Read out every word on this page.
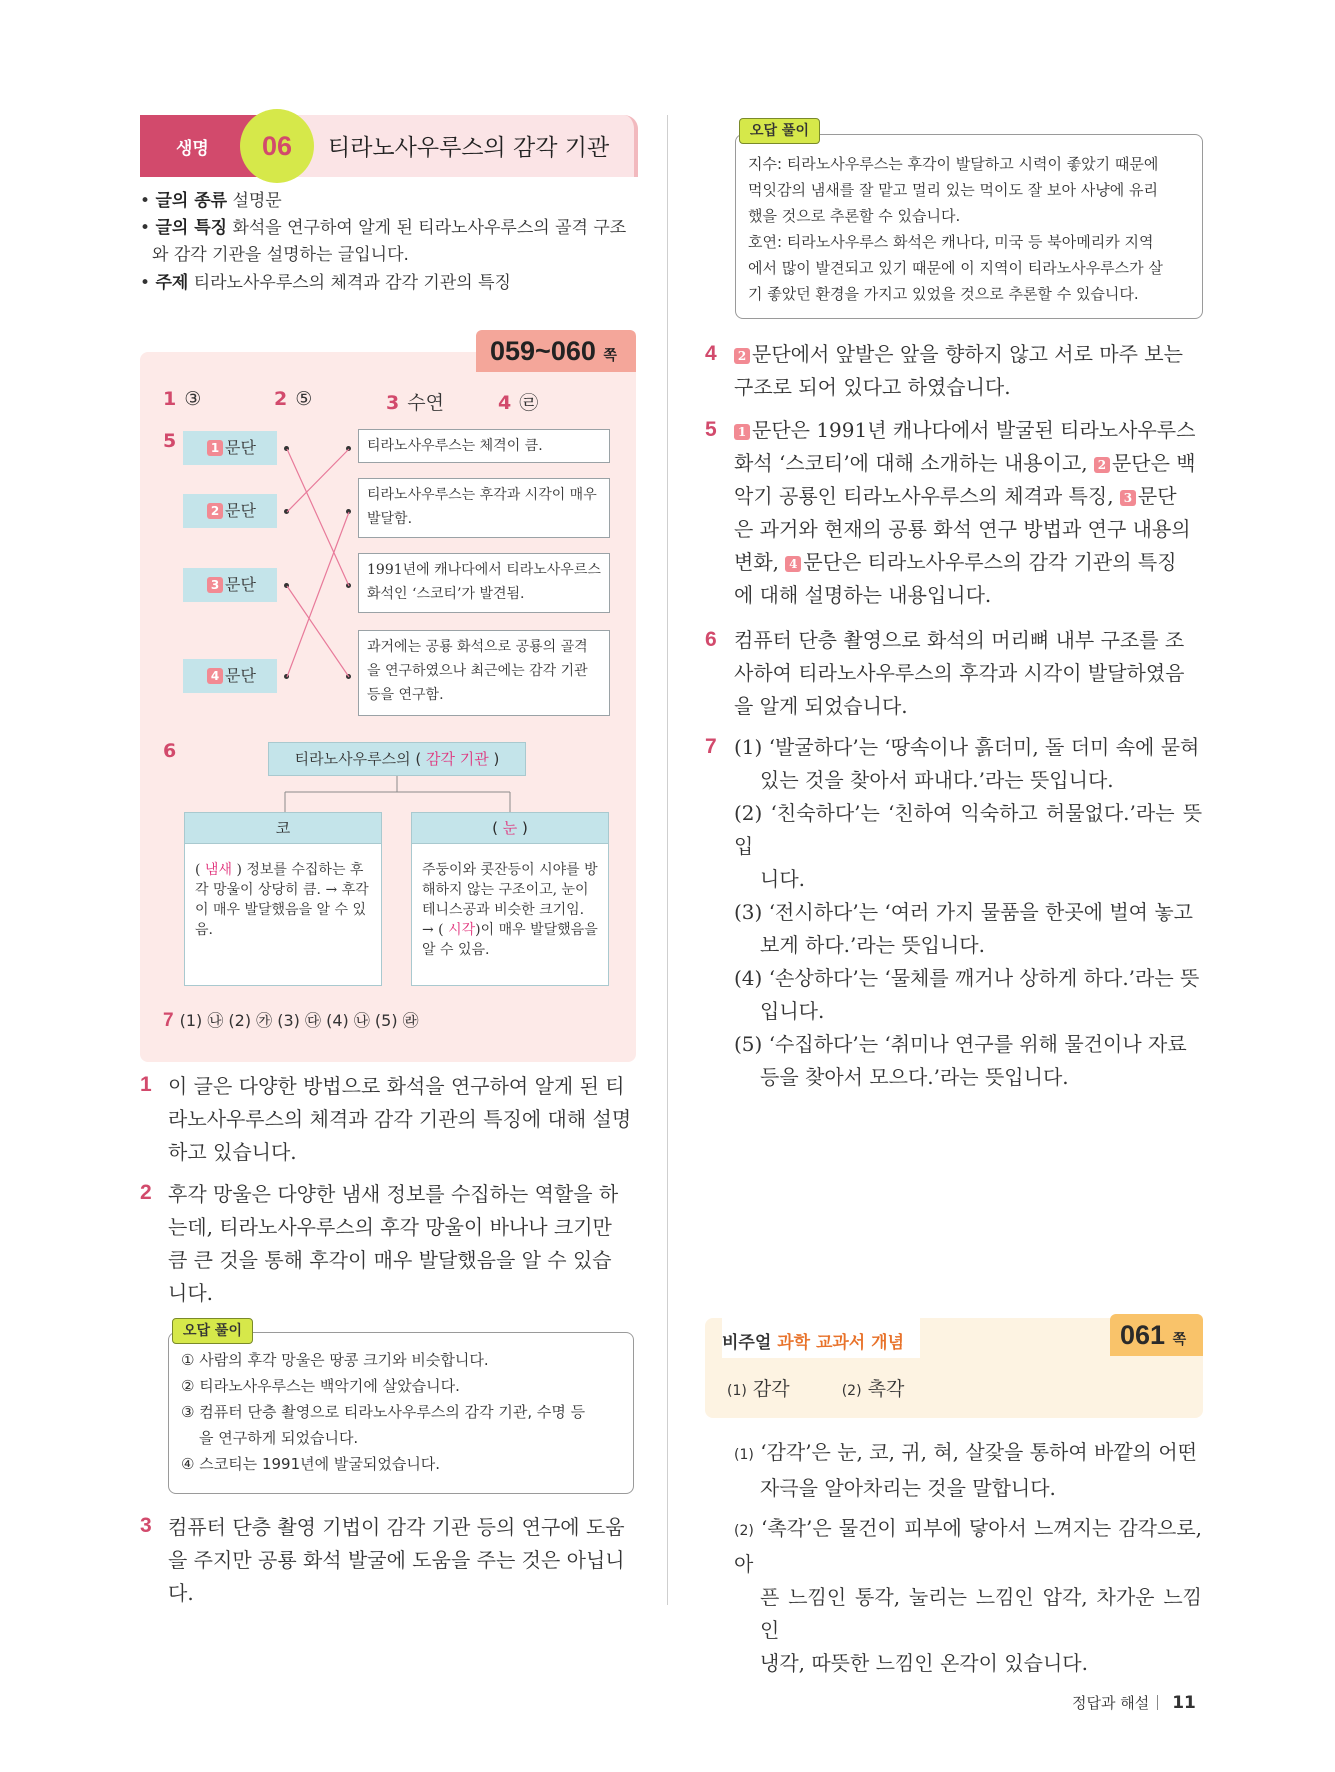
생명	06	티라노사우루스의 감각 기관
• 글의 종류 설명문
• 글의 특징 화석을 연구하여 알게 된 티라노사우루스의 골격 구조
와 감각 기관을 설명하는 글입니다.
• 주제 티라노사우루스의 체격과 감각 기관의 특징
059~060 쪽
1 ③	2 ⑤	3 수연	4 ㉣
5	1 문단
2 문단
3 문단
4 문단
티라노사우루스는 체격이 큼.
티라노사우루스는 후각과 시각이 매우 발달함.
1991년에 캐나다에서 티라노사우르스 화석인 ‘스코티’가 발견됨.
과거에는 공룡 화석으로 공룡의 골격을 연구하였으나 최근에는 감각 기관 등을 연구함.
6	티라노사우루스의 ( 감각 기관 )
코
( 냄새 ) 정보를 수집하는 후각 망울이 상당히 큼. → 후각이 매우 발달했음을 알 수 있음.
( 눈 )
주둥이와 콧잔등이 시야를 방해하지 않는 구조이고, 눈이 테니스공과 비슷한 크기임. → ( 시각)이 매우 발달했음을 알 수 있음.
7 (1) ㉯ (2) ㉮ (3) ㉰ (4) ㉯ (5) ㉱
1 이 글은 다양한 방법으로 화석을 연구하여 알게 된 티
라노사우루스의 체격과 감각 기관의 특징에 대해 설명
하고 있습니다.
2 후각 망울은 다양한 냄새 정보를 수집하는 역할을 하
는데, 티라노사우루스의 후각 망울이 바나나 크기만
큼 큰 것을 통해 후각이 매우 발달했음을 알 수 있습
니다.
① 사람의 후각 망울은 땅콩 크기와 비슷합니다.
② 티라노사우루스는 백악기에 살았습니다.
③ 컴퓨터 단층 촬영으로 티라노사우루스의 감각 기관, 수명 등
을 연구하게 되었습니다.
④ 스코티는 1991년에 발굴되었습니다.
오답 풀이
3 컴퓨터 단층 촬영 기법이 감각 기관 등의 연구에 도움
을 주지만 공룡 화석 발굴에 도움을 주는 것은 아닙니
다.
지수: 티라노사우루스는 후각이 발달하고 시력이 좋았기 때문에
먹잇감의 냄새를 잘 맡고 멀리 있는 먹이도 잘 보아 사냥에 유리
했을 것으로 추론할 수 있습니다.
호연: 티라노사우루스 화석은 캐나다, 미국 등 북아메리카 지역
에서 많이 발견되고 있기 때문에 이 지역이 티라노사우루스가 살
기 좋았던 환경을 가지고 있었을 것으로 추론할 수 있습니다.
오답 풀이
4	2 문단에서 앞발은 앞을 향하지 않고 서로 마주 보는
구조로 되어 있다고 하였습니다.
5	1 문단은 1991년 캐나다에서 발굴된 티라노사우루스
화석 ‘스코티’에 대해 소개하는 내용이고, 2 문단은 백
악기 공룡인 티라노사우루스의 체격과 특징, 3 문단
은 과거와 현재의 공룡 화석 연구 방법과 연구 내용의
변화, 4 문단은 티라노사우루스의 감각 기관의 특징
에 대해 설명하는 내용입니다.
6 컴퓨터 단층 촬영으로 화석의 머리뼈 내부 구조를 조
사하여 티라노사우루스의 후각과 시각이 발달하였음
을 알게 되었습니다.
7 (1) ‘발굴하다’는 ‘땅속이나 흙더미, 돌 더미 속에 묻혀
있는 것을 찾아서 파내다.’라는 뜻입니다.
(2) ‘친숙하다’는 ‘친하여 익숙하고 허물없다.’라는 뜻입
니다.
(3) ‘전시하다’는 ‘여러 가지 물품을 한곳에 벌여 놓고
보게 하다.’라는 뜻입니다.
(4) ‘손상하다’는 ‘물체를 깨거나 상하게 하다.’라는 뜻
입니다.
(5) ‘수집하다’는 ‘취미나 연구를 위해 물건이나 자료
등을 찾아서 모으다.’라는 뜻입니다.
비주얼 과학 교과서 개념	061 쪽
(1) 감각	(2) 촉각
(1) ‘감각’은 눈, 코, 귀, 혀, 살갗을 통하여 바깥의 어떤
자극을 알아차리는 것을 말합니다.
(2) ‘촉각’은 물건이 피부에 닿아서 느껴지는 감각으로, 아
픈 느낌인 통각, 눌리는 느낌인 압각, 차가운 느낌인
냉각, 따뜻한 느낌인 온각이 있습니다.
정답과 해설 11
